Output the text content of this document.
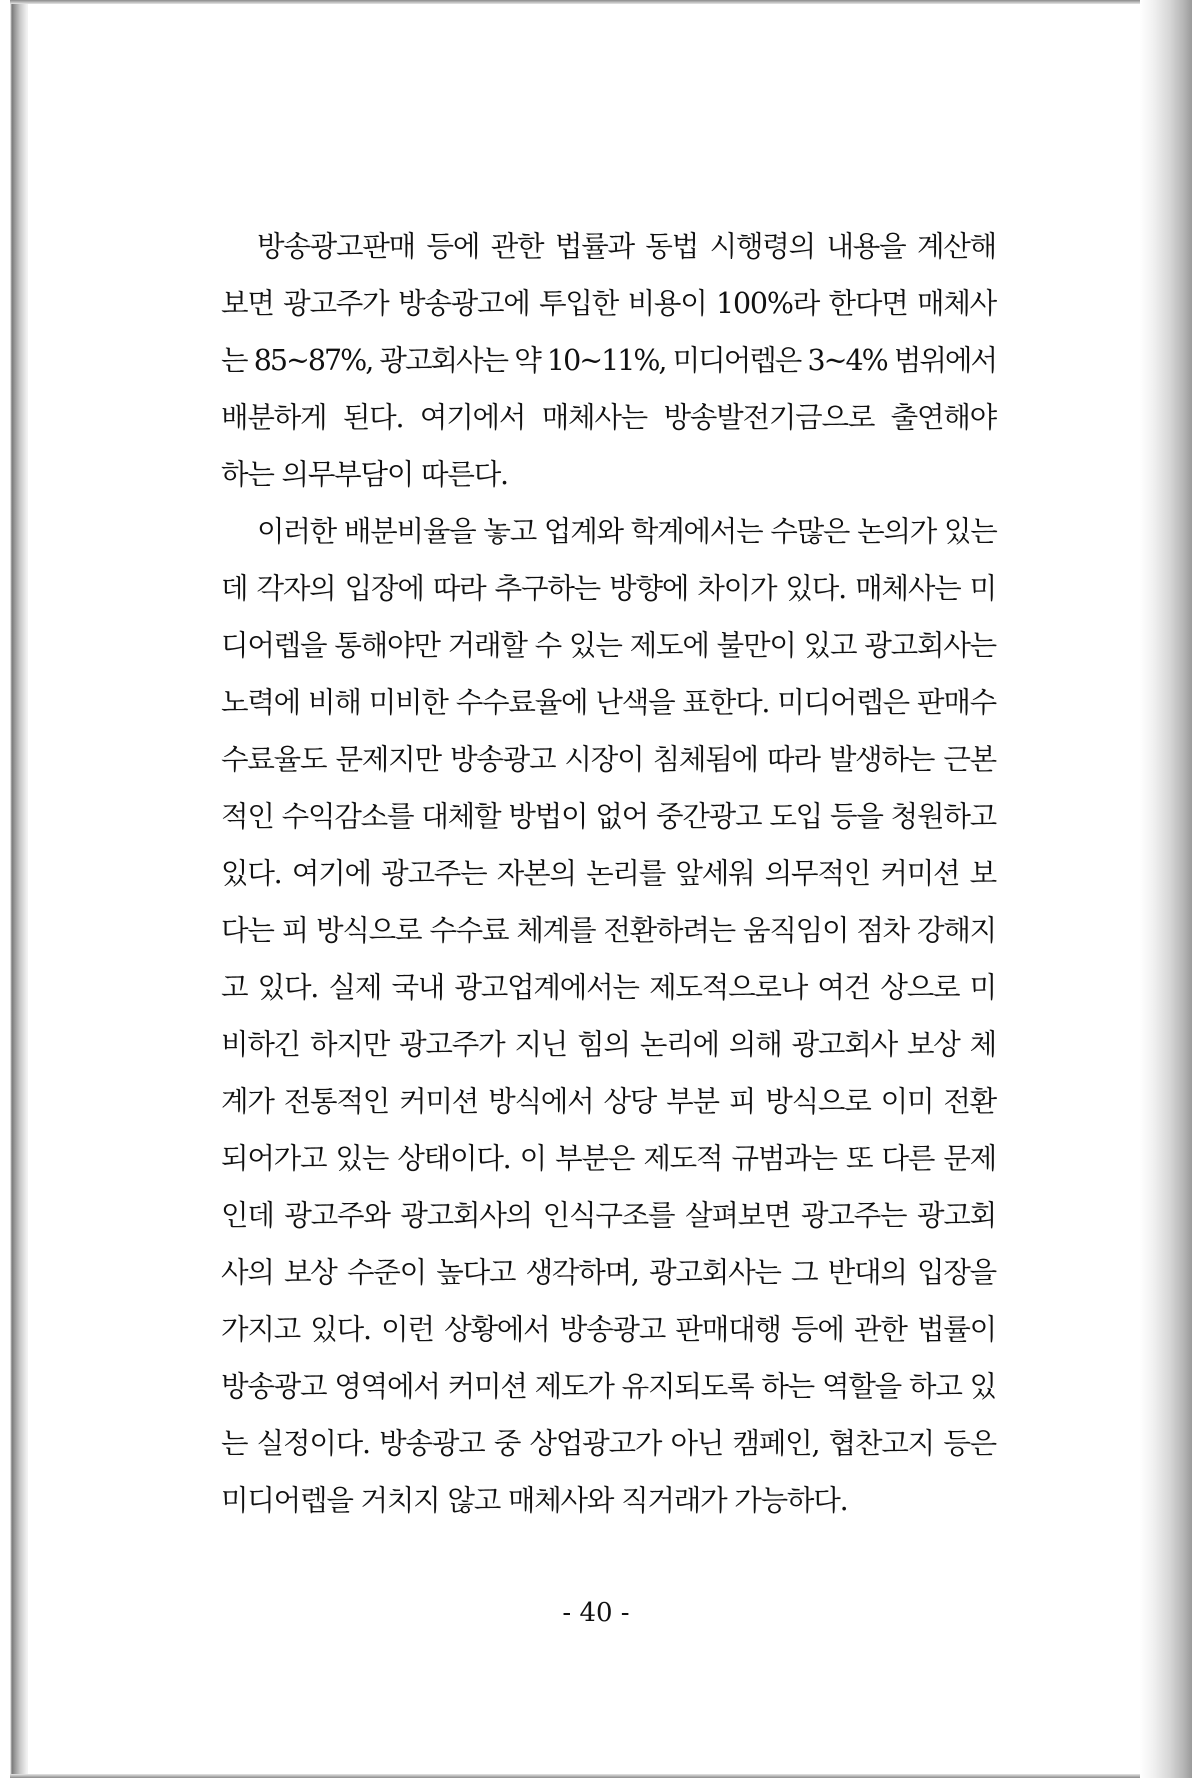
방송광고판매 등에 관한 법률과 동법 시행령의 내용을 계산해
보면 광고주가 방송광고에 투입한 비용이 100%라 한다면 매체사
는 85~87%, 광고회사는 약 10~11%, 미디어렙은 3~4% 범위에서
배분하게 된다. 여기에서 매체사는 방송발전기금으로 출연해야
하는 의무부담이 따른다.
이러한 배분비율을 놓고 업계와 학계에서는 수많은 논의가 있는
데 각자의 입장에 따라 추구하는 방향에 차이가 있다. 매체사는 미
디어렙을 통해야만 거래할 수 있는 제도에 불만이 있고 광고회사는
노력에 비해 미비한 수수료율에 난색을 표한다. 미디어렙은 판매수
수료율도 문제지만 방송광고 시장이 침체됨에 따라 발생하는 근본
적인 수익감소를 대체할 방법이 없어 중간광고 도입 등을 청원하고
있다. 여기에 광고주는 자본의 논리를 앞세워 의무적인 커미션 보
다는 피 방식으로 수수료 체계를 전환하려는 움직임이 점차 강해지
고 있다. 실제 국내 광고업계에서는 제도적으로나 여건 상으로 미
비하긴 하지만 광고주가 지닌 힘의 논리에 의해 광고회사 보상 체
계가 전통적인 커미션 방식에서 상당 부분 피 방식으로 이미 전환
되어가고 있는 상태이다. 이 부분은 제도적 규범과는 또 다른 문제
인데 광고주와 광고회사의 인식구조를 살펴보면 광고주는 광고회
사의 보상 수준이 높다고 생각하며, 광고회사는 그 반대의 입장을
가지고 있다. 이런 상황에서 방송광고 판매대행 등에 관한 법률이
방송광고 영역에서 커미션 제도가 유지되도록 하는 역할을 하고 있
는 실정이다. 방송광고 중 상업광고가 아닌 캠페인, 협찬고지 등은
미디어렙을 거치지 않고 매체사와 직거래가 가능하다.
- 40 -
